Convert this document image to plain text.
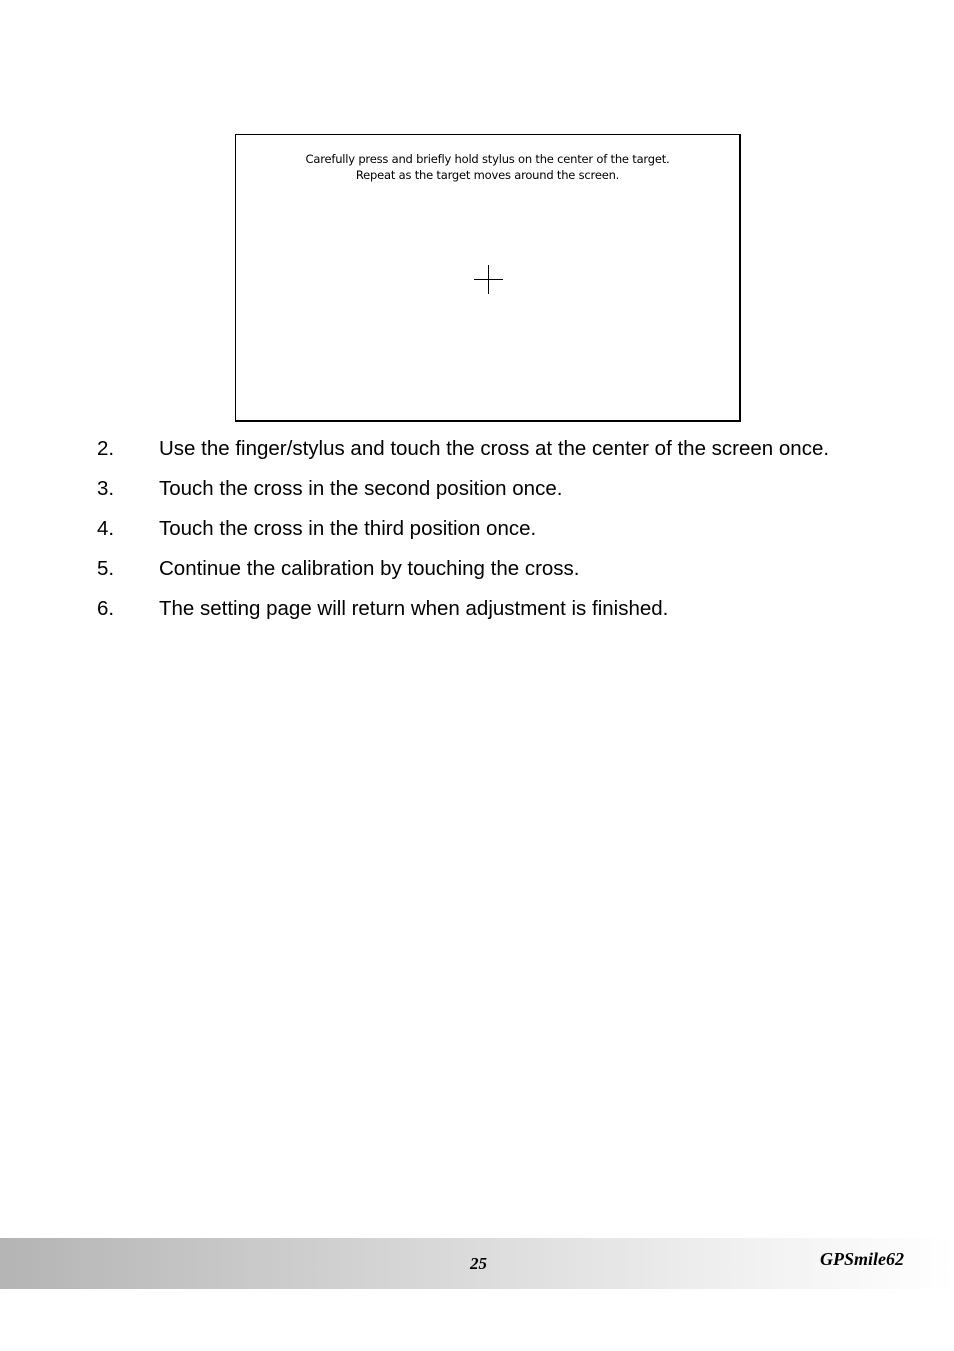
Carefully press and briefly hold stylus on the center of the target.
Repeat as the target moves around the screen.
2. Use the finger/stylus and touch the cross at the center of the screen once.
3. Touch the cross in the second position once.
4. Touch the cross in the third position once.
5. Continue the calibration by touching the cross.
6. The setting page will return when adjustment is finished.
25	GPSmile62
